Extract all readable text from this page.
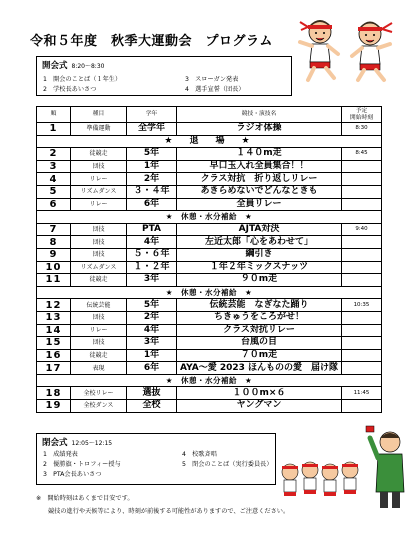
令和５年度　秋季大運動会　プログラム
開会式 8:20～8:30
1　開会のことば（１年生）
2　学校長あいさつ
3　スローガン発表
4　選手宣誓（団長）
順	種目	学年	競技・演技名	予定
開始時刻
1	準備運動	全学年	ラジオ体操	8:30
★　退　場　★				
2	徒競走	5年	１４０m走	8:45
3	団技	1年	早口玉入れ全員集合！！	
4	リレー	2年	クラス対抗　折り返しリレー	
5	リズムダンス	３・４年	あきらめないでどんなときも	
6	リレー	6年	全員リレー	
★　休憩・水分補給　★				
7	団技	PTA	AJTA対決	9:40
8	団技	4年	左近太郎「心をあわせて」	
9	団技	５・６年	綱引き	
10	リズムダンス	１・２年	１年２年ミックスナッツ	
11	徒競走	3年	９０m走	
★　休憩・水分補給　★				
12	伝統芸能	5年	伝統芸能　なぎなた踊り	10:35
13	団技	2年	ちきゅうをころがせ！	
14	リレー	4年	クラス対抗リレー	
15	団技	3年	台風の目	
16	徒競走	1年	７０m走	
17	表現	6年	AYA〜愛 2023 ほんものの愛　届け隊	
★　休憩・水分補給　★				
18	全校リレー	選抜	１００m×６	11:45
19	全校ダンス	全校	ヤングマン	
閉会式 12:05～12:15
1　成績発表
2　優勝旗・トロフィー授与
3　PTA会長あいさつ
4　校歌斉唱
5　閉会のことば（実行委員長）
※　開始時刻はあくまで目安です。
競技の進行や天候等により、時刻が前後する可能性がありますので、ご注意ください。
